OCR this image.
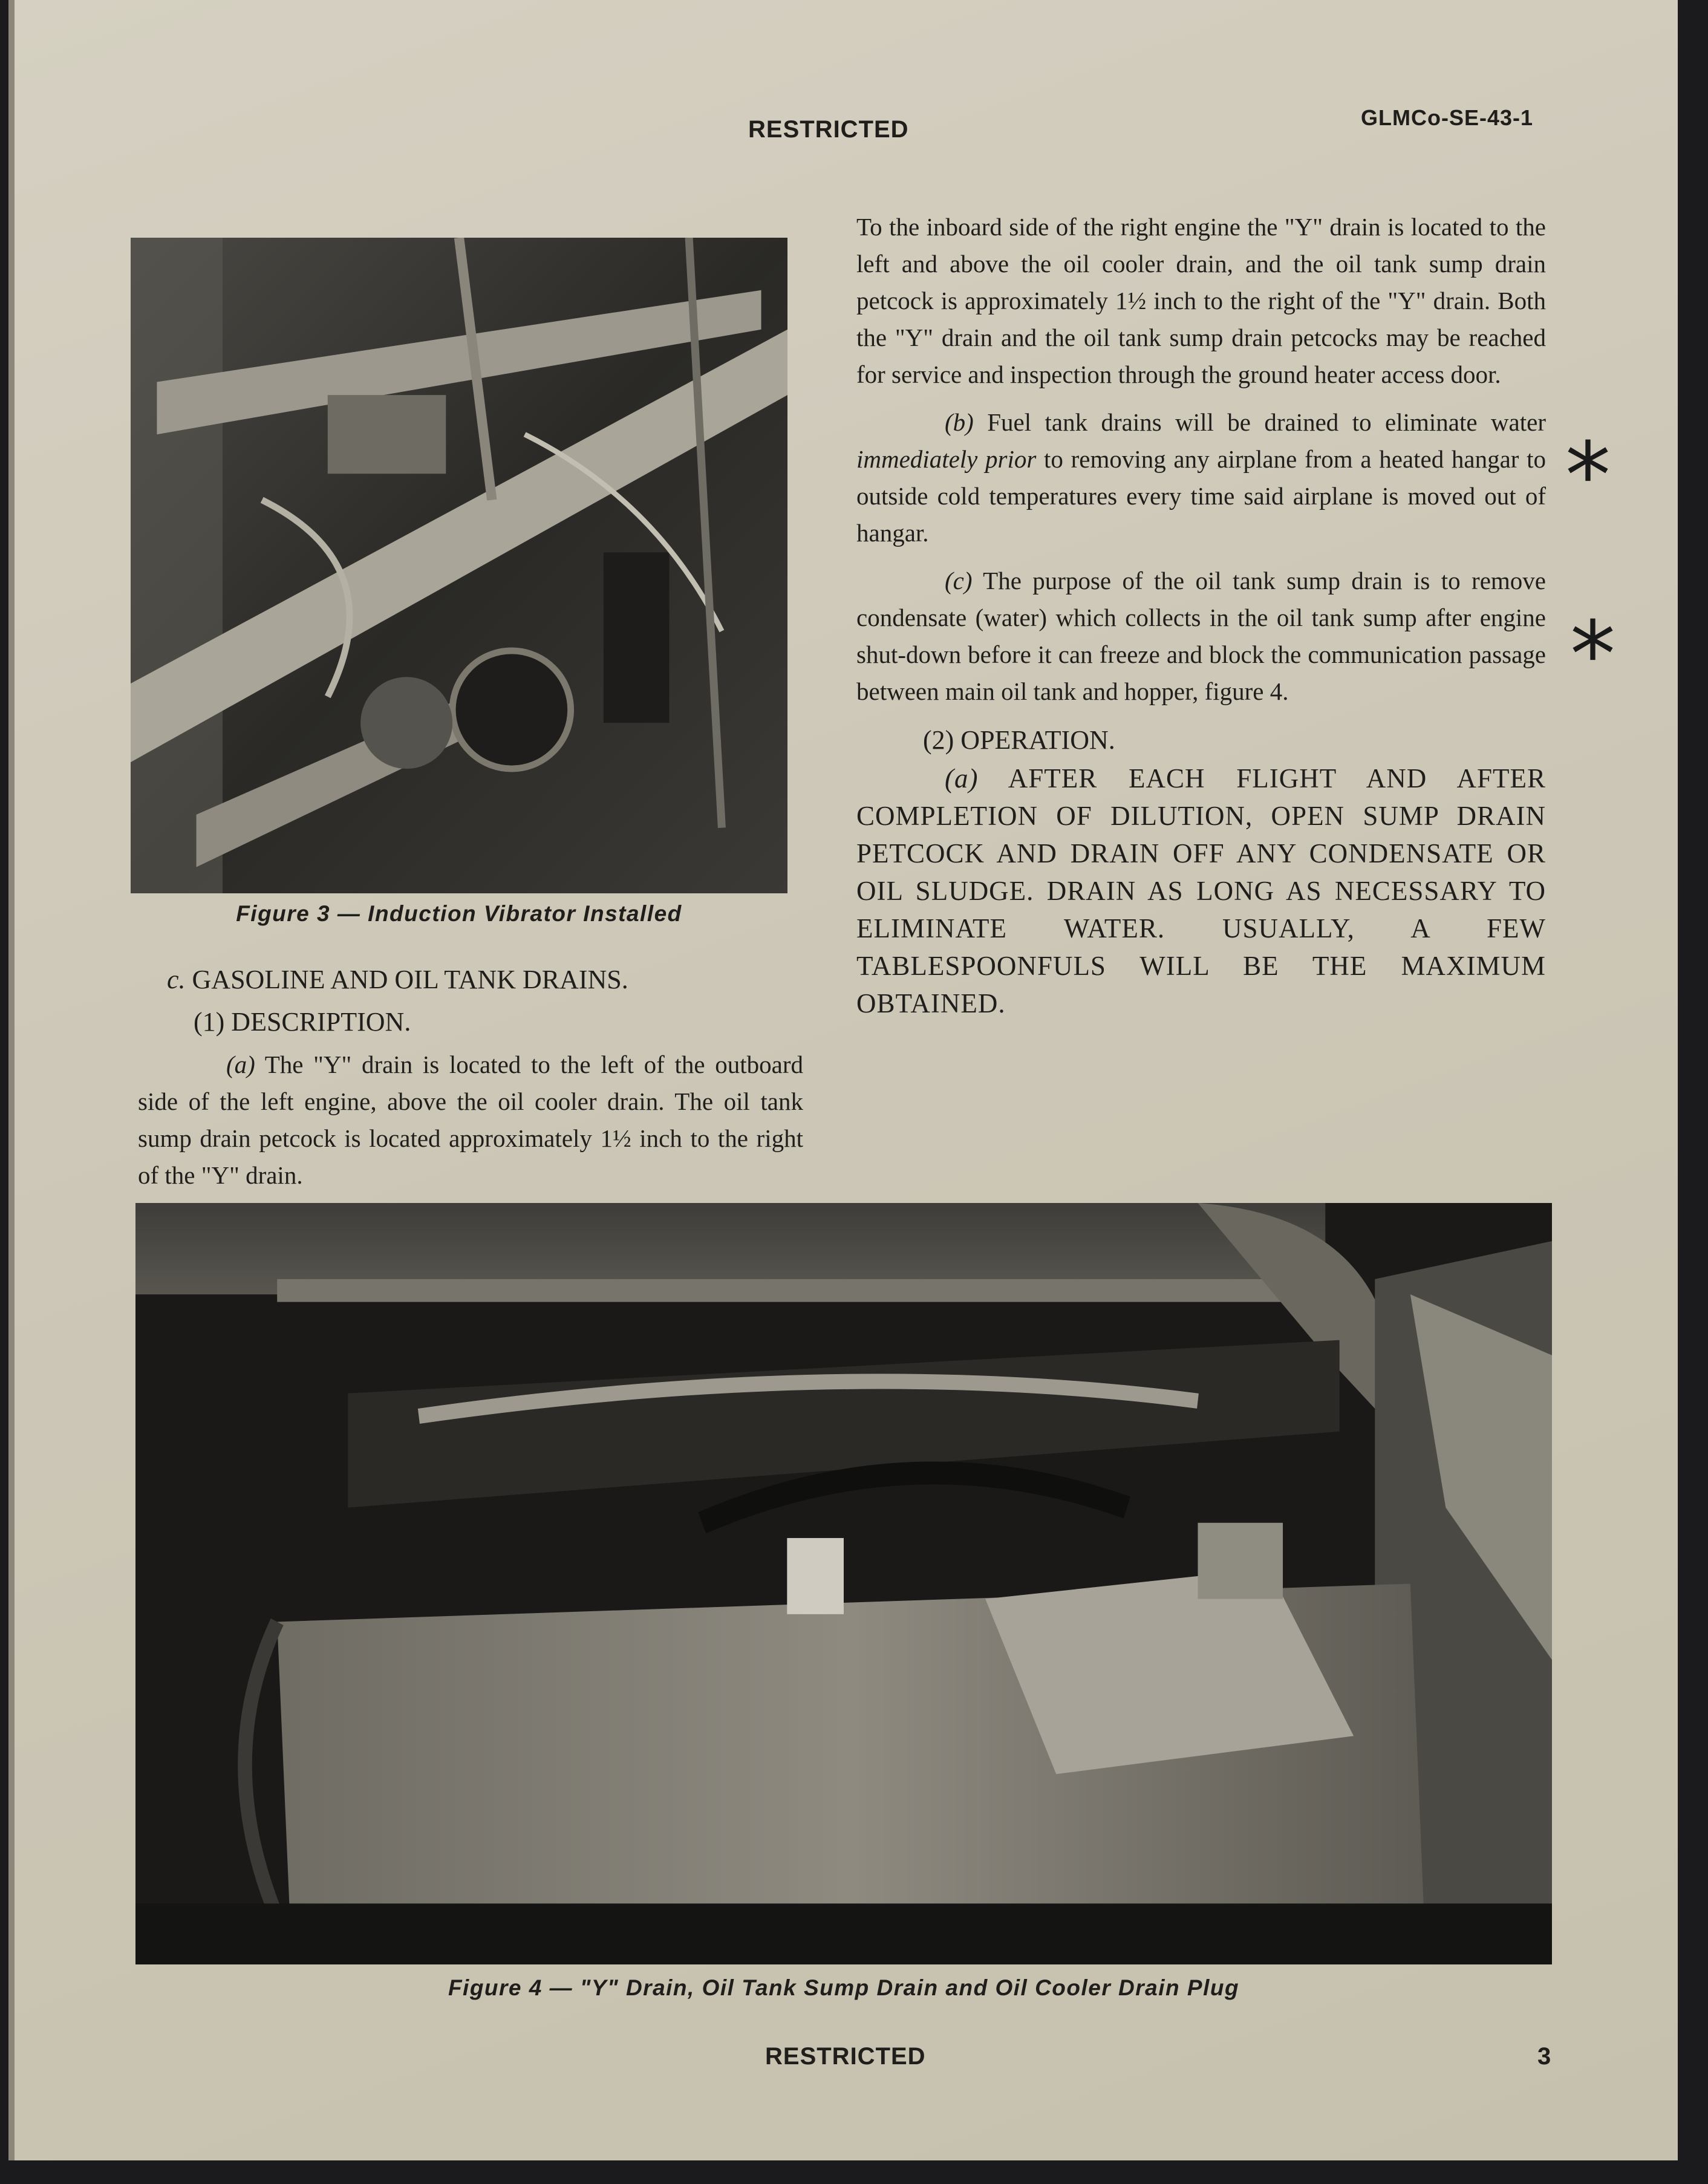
RESTRICTED	GLMCo-SE-43-1
Figure 3 — Induction Vibrator Installed

To the inboard side of the right engine the "Y" drain is located to the left and above the oil cooler drain, and the oil tank sump drain petcock is approximately 1½ inch to the right of the "Y" drain. Both the "Y" drain and the oil tank sump drain petcocks may be reached for service and inspection through the ground heater access door.

(b) Fuel tank drains will be drained to eliminate water immediately prior to removing any airplane from a heated hangar to outside cold temperatures every time said airplane is moved out of hangar.

(c) The purpose of the oil tank sump drain is to remove condensate (water) which collects in the oil tank sump after engine shut-down before it can freeze and block the communication passage between main oil tank and hopper, figure 4.

(2) OPERATION.

(a) AFTER EACH FLIGHT AND AFTER COMPLETION OF DILUTION, OPEN SUMP DRAIN PETCOCK AND DRAIN OFF ANY CONDENSATE OR OIL SLUDGE. DRAIN AS LONG AS NECESSARY TO ELIMINATE WATER. USUALLY, A FEW TABLESPOONFULS WILL BE THE MAXIMUM OBTAINED.

c. GASOLINE AND OIL TANK DRAINS.

(1) DESCRIPTION.

(a) The "Y" drain is located to the left of the outboard side of the left engine, above the oil cooler drain. The oil tank sump drain petcock is located approximately 1½ inch to the right of the "Y" drain.

*
*
Figure 4 — "Y" Drain, Oil Tank Sump Drain and Oil Cooler Drain Plug
RESTRICTED	3
